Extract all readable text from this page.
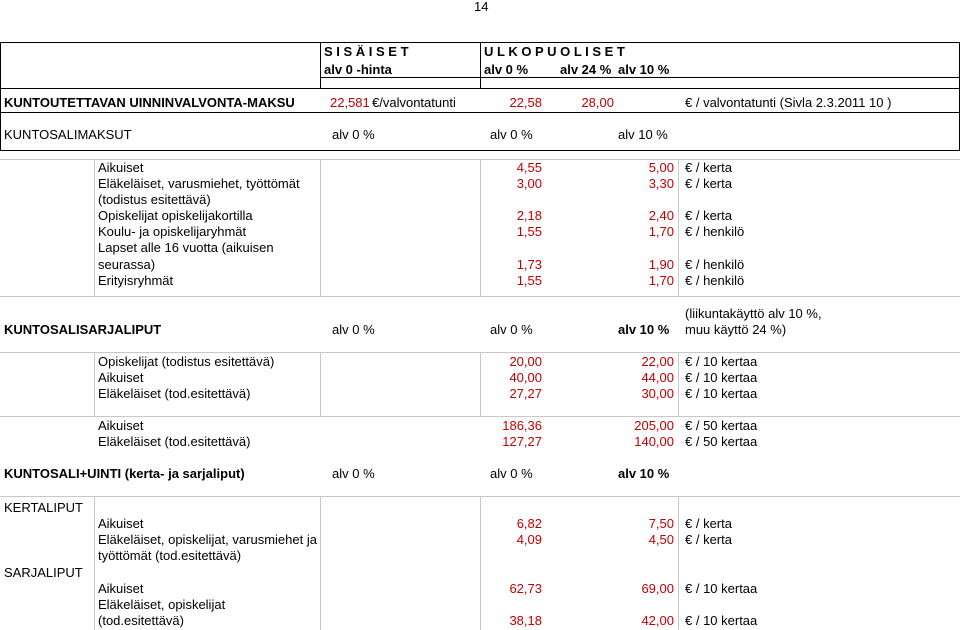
14
S I S Ä I S E T	U L K O P U O L I S E T
alv 0 -hinta	alv 0 % alv 24 % alv 10 %
KUNTOUTETTAVAN UINNINVALVONTA-MAKSU	22,581 €/valvontatunti	22,58	28,00	€ / valvontatunti (Sivla 2.3.2011 10 )
KUNTOSALIMAKSUT	alv 0 %	alv 0 %	alv 10 %
Aikuiset	4,55	5,00 € / kerta
Eläkeläiset, varusmiehet, työttömät	3,00	3,30 € / kerta
(todistus esitettävä)
Opiskelijat opiskelijakortilla	2,18	2,40 € / kerta
Koulu- ja opiskelijaryhmät	1,55	1,70 € / henkilö
Lapset alle 16 vuotta (aikuisen
seurassa)	1,73	1,90 € / henkilö
Erityisryhmät	1,55	1,70 € / henkilö
(liikuntakäyttö alv 10 %,
KUNTOSALISARJALIPUT	alv 0 %	alv 0 %	alv 10 % muu käyttö 24 %)
Opiskelijat (todistus esitettävä)	20,00	22,00 € / 10 kertaa
Aikuiset	40,00	44,00 € / 10 kertaa
Eläkeläiset (tod.esitettävä)	27,27	30,00 € / 10 kertaa
Aikuiset	186,36	205,00 € / 50 kertaa
Eläkeläiset (tod.esitettävä)	127,27	140,00 € / 50 kertaa
KUNTOSALI+UINTI (kerta- ja sarjaliput)	alv 0 %	alv 0 %	alv 10 %
KERTALIPUT
Aikuiset	6,82	7,50 € / kerta
Eläkeläiset, opiskelijat, varusmiehet ja	4,09	4,50 € / kerta
työttömät (tod.esitettävä)
SARJALIPUT
Aikuiset	62,73	69,00 € / 10 kertaa
Eläkeläiset, opiskelijat
(tod.esitettävä)	38,18	42,00 € / 10 kertaa
